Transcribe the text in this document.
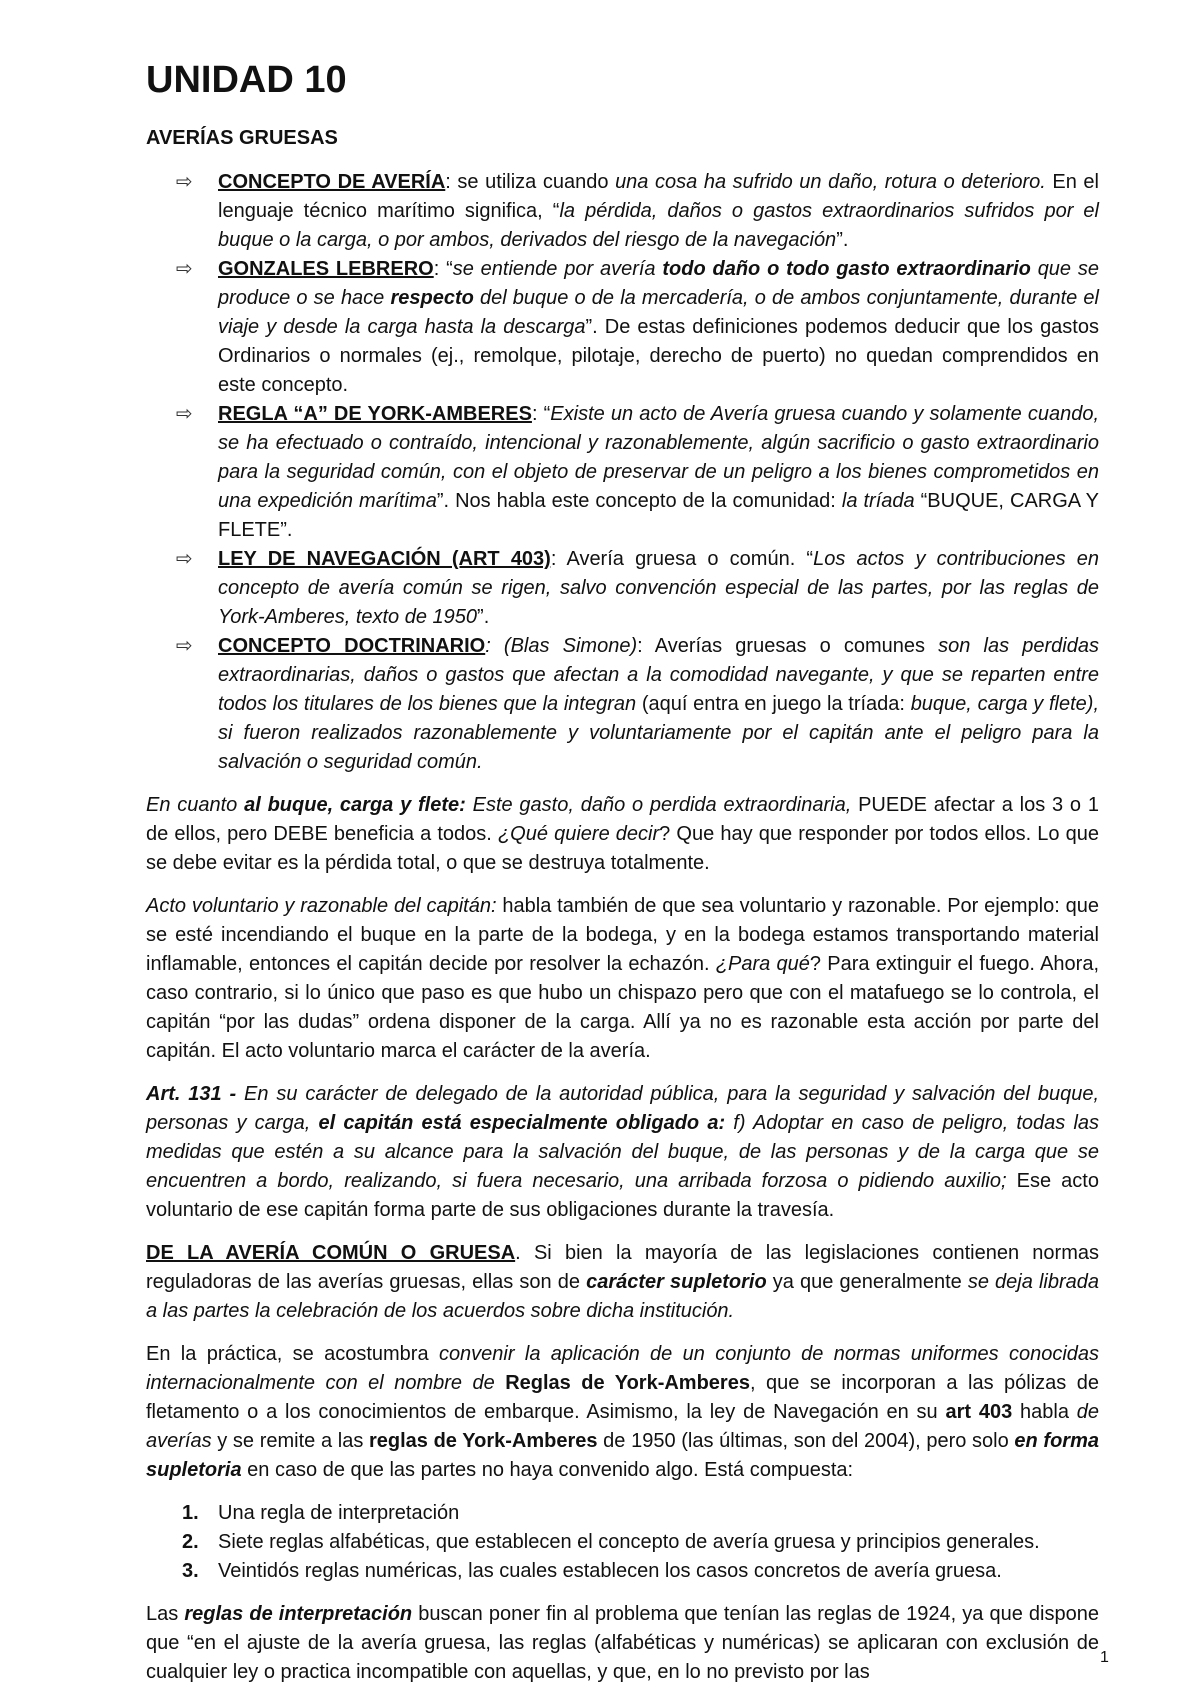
UNIDAD 10
AVERÍAS GRUESAS
⇨ CONCEPTO DE AVERÍA: se utiliza cuando una cosa ha sufrido un daño, rotura o deterioro. En el lenguaje técnico marítimo significa, “la pérdida, daños o gastos extraordinarios sufridos por el buque o la carga, o por ambos, derivados del riesgo de la navegación”.
⇨ GONZALES LEBRERO: “se entiende por avería todo daño o todo gasto extraordinario que se produce o se hace respecto del buque o de la mercadería, o de ambos conjuntamente, durante el viaje y desde la carga hasta la descarga”. De estas definiciones podemos deducir que los gastos Ordinarios o normales (ej., remolque, pilotaje, derecho de puerto) no quedan comprendidos en este concepto.
⇨ REGLA “A” DE YORK-AMBERES: “Existe un acto de Avería gruesa cuando y solamente cuando, se ha efectuado o contraído, intencional y razonablemente, algún sacrificio o gasto extraordinario para la seguridad común, con el objeto de preservar de un peligro a los bienes comprometidos en una expedición marítima”. Nos habla este concepto de la comunidad: la tríada “BUQUE, CARGA Y FLETE”.
⇨ LEY DE NAVEGACIÓN (ART 403): Avería gruesa o común. “Los actos y contribuciones en concepto de avería común se rigen, salvo convención especial de las partes, por las reglas de York-Amberes, texto de 1950”.
⇨ CONCEPTO DOCTRINARIO: (Blas Simone): Averías gruesas o comunes son las perdidas extraordinarias, daños o gastos que afectan a la comodidad navegante, y que se reparten entre todos los titulares de los bienes que la integran (aquí entra en juego la tríada: buque, carga y flete), si fueron realizados razonablemente y voluntariamente por el capitán ante el peligro para la salvación o seguridad común.

En cuanto al buque, carga y flete: Este gasto, daño o perdida extraordinaria, PUEDE afectar a los 3 o 1 de ellos, pero DEBE beneficia a todos. ¿Qué quiere decir? Que hay que responder por todos ellos. Lo que se debe evitar es la pérdida total, o que se destruya totalmente.

Acto voluntario y razonable del capitán: habla también de que sea voluntario y razonable. Por ejemplo: que se esté incendiando el buque en la parte de la bodega, y en la bodega estamos transportando material inflamable, entonces el capitán decide por resolver la echazón. ¿Para qué? Para extinguir el fuego. Ahora, caso contrario, si lo único que paso es que hubo un chispazo pero que con el matafuego se lo controla, el capitán “por las dudas” ordena disponer de la carga. Allí ya no es razonable esta acción por parte del capitán. El acto voluntario marca el carácter de la avería.

Art. 131 - En su carácter de delegado de la autoridad pública, para la seguridad y salvación del buque, personas y carga, el capitán está especialmente obligado a: f) Adoptar en caso de peligro, todas las medidas que estén a su alcance para la salvación del buque, de las personas y de la carga que se encuentren a bordo, realizando, si fuera necesario, una arribada forzosa o pidiendo auxilio; Ese acto voluntario de ese capitán forma parte de sus obligaciones durante la travesía.

DE LA AVERÍA COMÚN O GRUESA. Si bien la mayoría de las legislaciones contienen normas reguladoras de las averías gruesas, ellas son de carácter supletorio ya que generalmente se deja librada a las partes la celebración de los acuerdos sobre dicha institución.

En la práctica, se acostumbra convenir la aplicación de un conjunto de normas uniformes conocidas internacionalmente con el nombre de Reglas de York-Amberes, que se incorporan a las pólizas de fletamento o a los conocimientos de embarque. Asimismo, la ley de Navegación en su art 403 habla de averías y se remite a las reglas de York-Amberes de 1950 (las últimas, son del 2004), pero solo en forma supletoria en caso de que las partes no haya convenido algo. Está compuesta:

1. Una regla de interpretación
2. Siete reglas alfabéticas, que establecen el concepto de avería gruesa y principios generales.
3. Veintidós reglas numéricas, las cuales establecen los casos concretos de avería gruesa.

Las reglas de interpretación buscan poner fin al problema que tenían las reglas de 1924, ya que dispone que “en el ajuste de la avería gruesa, las reglas (alfabéticas y numéricas) se aplicaran con exclusión de cualquier ley o practica incompatible con aquellas, y que, en lo no previsto por las

1
